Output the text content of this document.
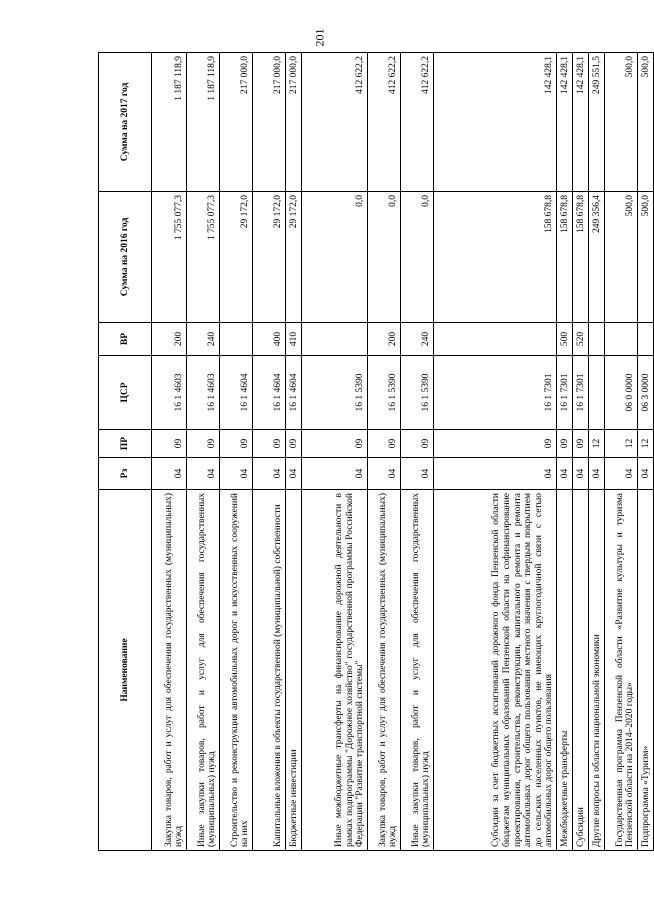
201
Наименование	Рз	ПР	ЦСР	ВР	Сумма на 2016 год	Сумма на 2017 год
Закупка товаров, работ и услуг для обеспечения государственных (муниципальных) нужд	04	09	16 1 4603	200	1 755 077,3	1 187 118,9
Иные закупки товаров, работ и услуг для обеспечения государственных (муниципальных) нужд	04	09	16 1 4603	240	1 755 077,3	1 187 118,9
Строительство и реконструкция автомобильных дорог и искусственных сооружений на них	04	09	16 1 4604		29 172,0	217 000,0
Капитальные вложения в объекты государственной (муниципальной) собственности	04	09	16 1 4604	400	29 172,0	217 000,0
Бюджетные инвестиции	04	09	16 1 4604	410	29 172,0	217 000,0
Иные межбюджетные трансферты на финансирование дорожной деятельности в рамках подпрограммы "Дорожное хозяйство" государственной программы Российской Федерации "Развитие транспортной системы"	04	09	16 1 5390		0,0	412 622,2
Закупка товаров, работ и услуг для обеспечения государственных (муниципальных) нужд	04	09	16 1 5390	200	0,0	412 622,2
Иные закупки товаров, работ и услуг для обеспечения государственных (муниципальных) нужд	04	09	16 1 5390	240	0,0	412 622,2
Субсидии за счет бюджетных ассигнований дорожного фонда Пензенской области бюджетам муниципальных образований Пензенской области на софинансирование проектирования, строительства, реконструкции, капитального ремонта и ремонта автомобильных дорог общего пользования местного значения с твердым покрытием до сельских населенных пунктов, не имеющих круглогодичной связи с сетью автомобильных дорог общего пользования	04	09	16 1 7301		158 678,8	142 428,1
Межбюджетные трансферты	04	09	16 1 7301	500	158 678,8	142 428,1
Субсидии	04	09	16 1 7301	520	158 678,8	142 428,1
Другие вопросы в области национальной экономики	04	12			249 356,4	249 551,5
Государственная программа Пензенской области «Развитие культуры и туризма Пензенской области на 2014–2020 годы»	04	12	06 0 0000		500,0	500,0
Подпрограмма «Туризм»	04	12	06 3 0000		500,0	500,0
